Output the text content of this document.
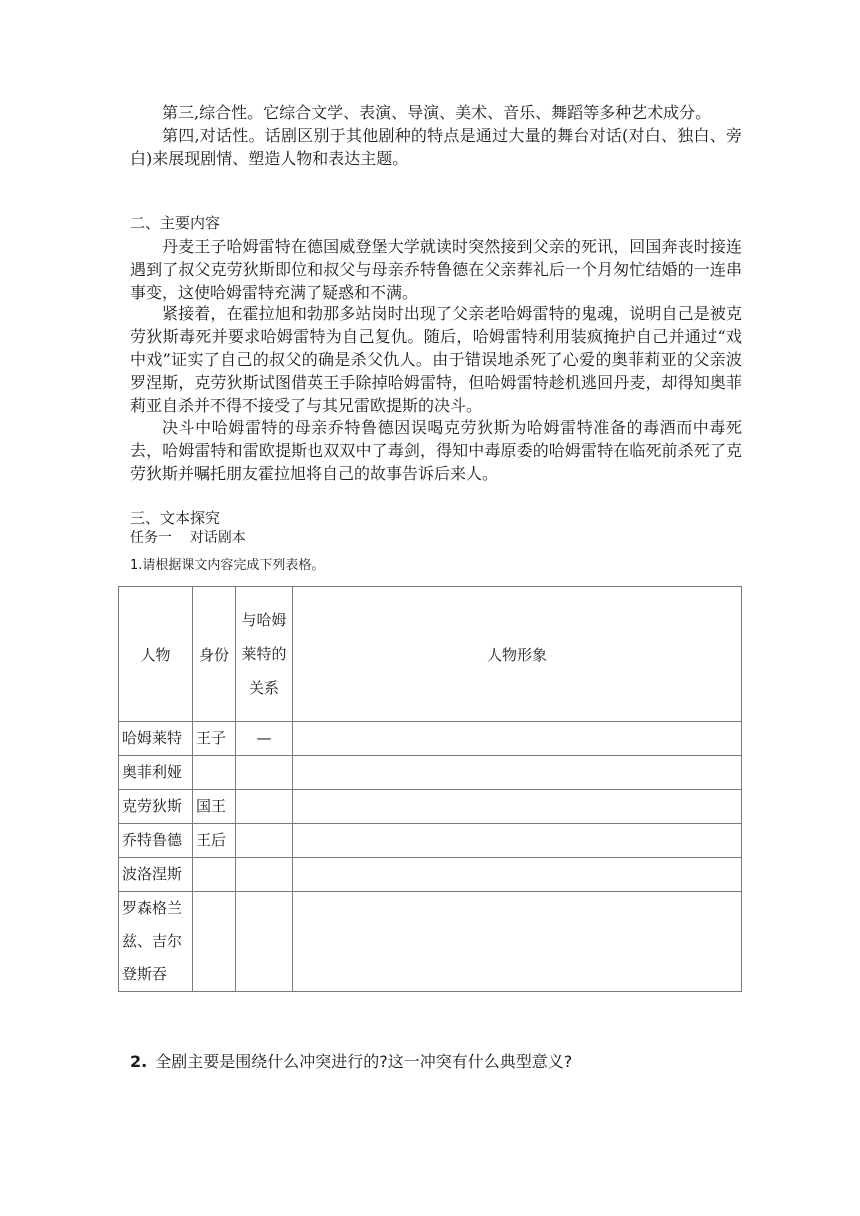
第三,综合性。它综合文学、表演、导演、美术、音乐、舞蹈等多种艺术成分。

第四,对话性。话剧区别于其他剧种的特点是通过大量的舞台对话(对白、独白、旁白)来展现剧情、塑造人物和表达主题。

二、主要内容

丹麦王子哈姆雷特在德国威登堡大学就读时突然接到父亲的死讯，回国奔丧时接连遇到了叔父克劳狄斯即位和叔父与母亲乔特鲁德在父亲葬礼后一个月匆忙结婚的一连串事变，这使哈姆雷特充满了疑惑和不满。

紧接着，在霍拉旭和勃那多站岗时出现了父亲老哈姆雷特的鬼魂，说明自己是被克劳狄斯毒死并要求哈姆雷特为自己复仇。随后，哈姆雷特利用装疯掩护自己并通过“戏中戏”证实了自己的叔父的确是杀父仇人。由于错误地杀死了心爱的奥菲莉亚的父亲波罗涅斯，克劳狄斯试图借英王手除掉哈姆雷特，但哈姆雷特趁机逃回丹麦，却得知奥菲莉亚自杀并不得不接受了与其兄雷欧提斯的决斗。

决斗中哈姆雷特的母亲乔特鲁德因误喝克劳狄斯为哈姆雷特准备的毒酒而中毒死去，哈姆雷特和雷欧提斯也双双中了毒剑，得知中毒原委的哈姆雷特在临死前杀死了克劳狄斯并嘱托朋友霍拉旭将自己的故事告诉后来人。

三、文本探究
任务一    对话剧本
1.请根据课文内容完成下列表格。
人物	身份	与哈姆莱特的关系	人物形象
哈姆莱特	王子	—	
奥菲利娅			
克劳狄斯	国王		
乔特鲁德	王后		
波洛涅斯			
罗森格兰兹、吉尔登斯吞			
2. 全剧主要是围绕什么冲突进行的?这一冲突有什么典型意义?
